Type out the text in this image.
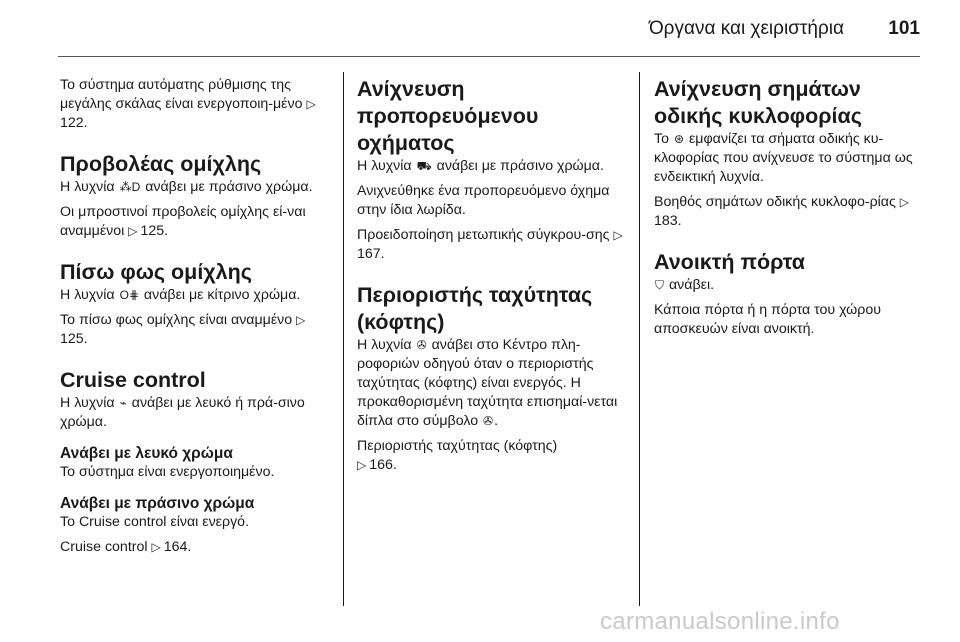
Όργανα και χειριστήρια 101

Το σύστημα αυτόματης ρύθμισης της μεγάλης σκάλας είναι ενεργοποιη-μένο ▷122.

Προβολέας ομίχλης

Η λυχνία ⁂D ανάβει με πράσινο χρώμα.

Οι μπροστινοί προβολείς ομίχλης εί-ναι αναμμένοι ▷ 125.

Πίσω φως ομίχλης

Η λυχνία O⋕ ανάβει με κίτρινο χρώμα.

Το πίσω φως ομίχλης είναι αναμμένο ▷125.

Cruise control

Η λυχνία ⌁ ανάβει με λευκό ή πρά-σινο χρώμα.

Ανάβει με λευκό χρώμα

Το σύστημα είναι ενεργοποιημένο.

Ανάβει με πράσινο χρώμα

Το Cruise control είναι ενεργό.

Cruise control ▷ 164.

Ανίχνευση προπορευόμενου οχήματος

Η λυχνία ⛟ ανάβει με πράσινο χρώμα.

Ανιχνεύθηκε ένα προπορευόμενο όχημα στην ίδια λωρίδα.

Προειδοποίηση μετωπικής σύγκρου-σης ▷167.

Περιοριστής ταχύτητας (κόφτης)

Η λυχνία ✇ ανάβει στο Κέντρο πλη-ροφοριών οδηγού όταν ο περιοριστής ταχύτητας (κόφτης) είναι ενεργός. Η προκαθορισμένη ταχύτητα επισημαί-νεται δίπλα στο σύμβολο ✇.

Περιοριστής ταχύτητας (κόφτης)
▷ 166.

Ανίχνευση σημάτων οδικής κυκλοφορίας

Το ⊛ εμφανίζει τα σήματα οδικής κυ-κλοφορίας που ανίχνευσε το σύστημα ως ενδεικτική λυχνία.

Βοηθός σημάτων οδικής κυκλοφο-ρίας ▷183.

Ανοικτή πόρτα

⛉ ανάβει.

Κάποια πόρτα ή η πόρτα του χώρου αποσκευών είναι ανοικτή.

carmanualsonline.info
